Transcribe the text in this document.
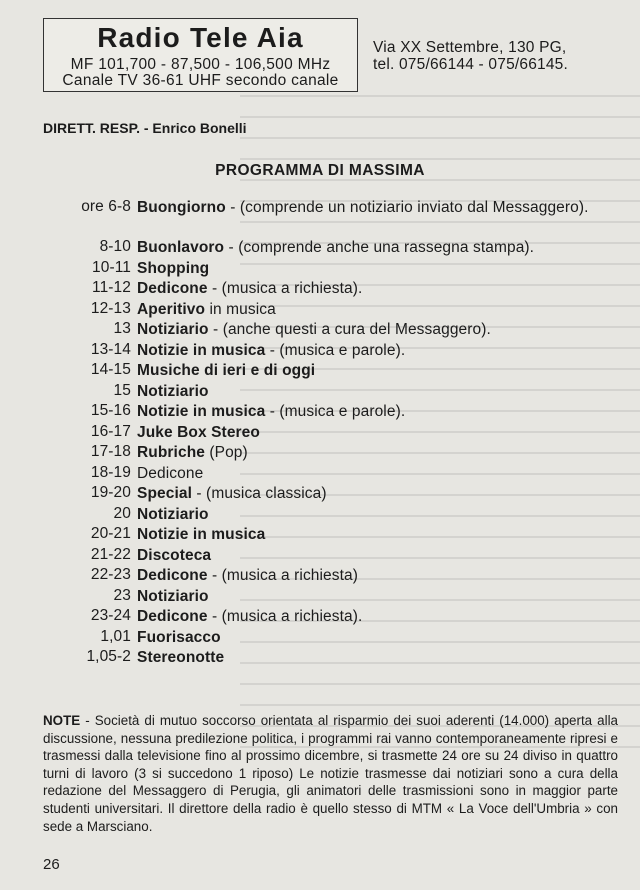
Radio Tele Aia
MF 101,700 - 87,500 - 106,500 MHz
Canale TV 36-61 UHF secondo canale
Via XX Settembre, 130 PG,
tel. 075/66144 - 075/66145.
DIRETT. RESP. - Enrico Bonelli
PROGRAMMA DI MASSIMA
ore 6-8 Buongiorno - (comprende un notiziario inviato dal Messaggero).
8-10 Buonlavoro - (comprende anche una rassegna stampa).
10-11 Shopping
11-12 Dedicone - (musica a richiesta).
12-13 Aperitivo in musica
13 Notiziario - (anche questi a cura del Messaggero).
13-14 Notizie in musica - (musica e parole).
14-15 Musiche di ieri e di oggi
15 Notiziario
15-16 Notizie in musica - (musica e parole).
16-17 Juke Box Stereo
17-18 Rubriche (Pop)
18-19 Dedicone
19-20 Special - (musica classica)
20 Notiziario
20-21 Notizie in musica
21-22 Discoteca
22-23 Dedicone - (musica a richiesta)
23 Notiziario
23-24 Dedicone - (musica a richiesta).
1,01 Fuorisacco
1,05-2 Stereonotte
NOTE - Società di mutuo soccorso orientata al risparmio dei suoi aderenti (14.000) aperta alla discussione, nessuna predilezione politica, i programmi rai vanno contemporaneamente ripresi e trasmessi dalla televisione fino al prossimo dicembre, si trasmette 24 ore su 24 diviso in quattro turni di lavoro (3 si succedono 1 riposo) Le notizie trasmesse dai notiziari sono a cura della redazione del Messaggero di Perugia, gli animatori delle trasmissioni sono in maggior parte studenti universitari. Il direttore della radio è quello stesso di MTM « La Voce dell'Umbria » con sede a Marsciano.
26
